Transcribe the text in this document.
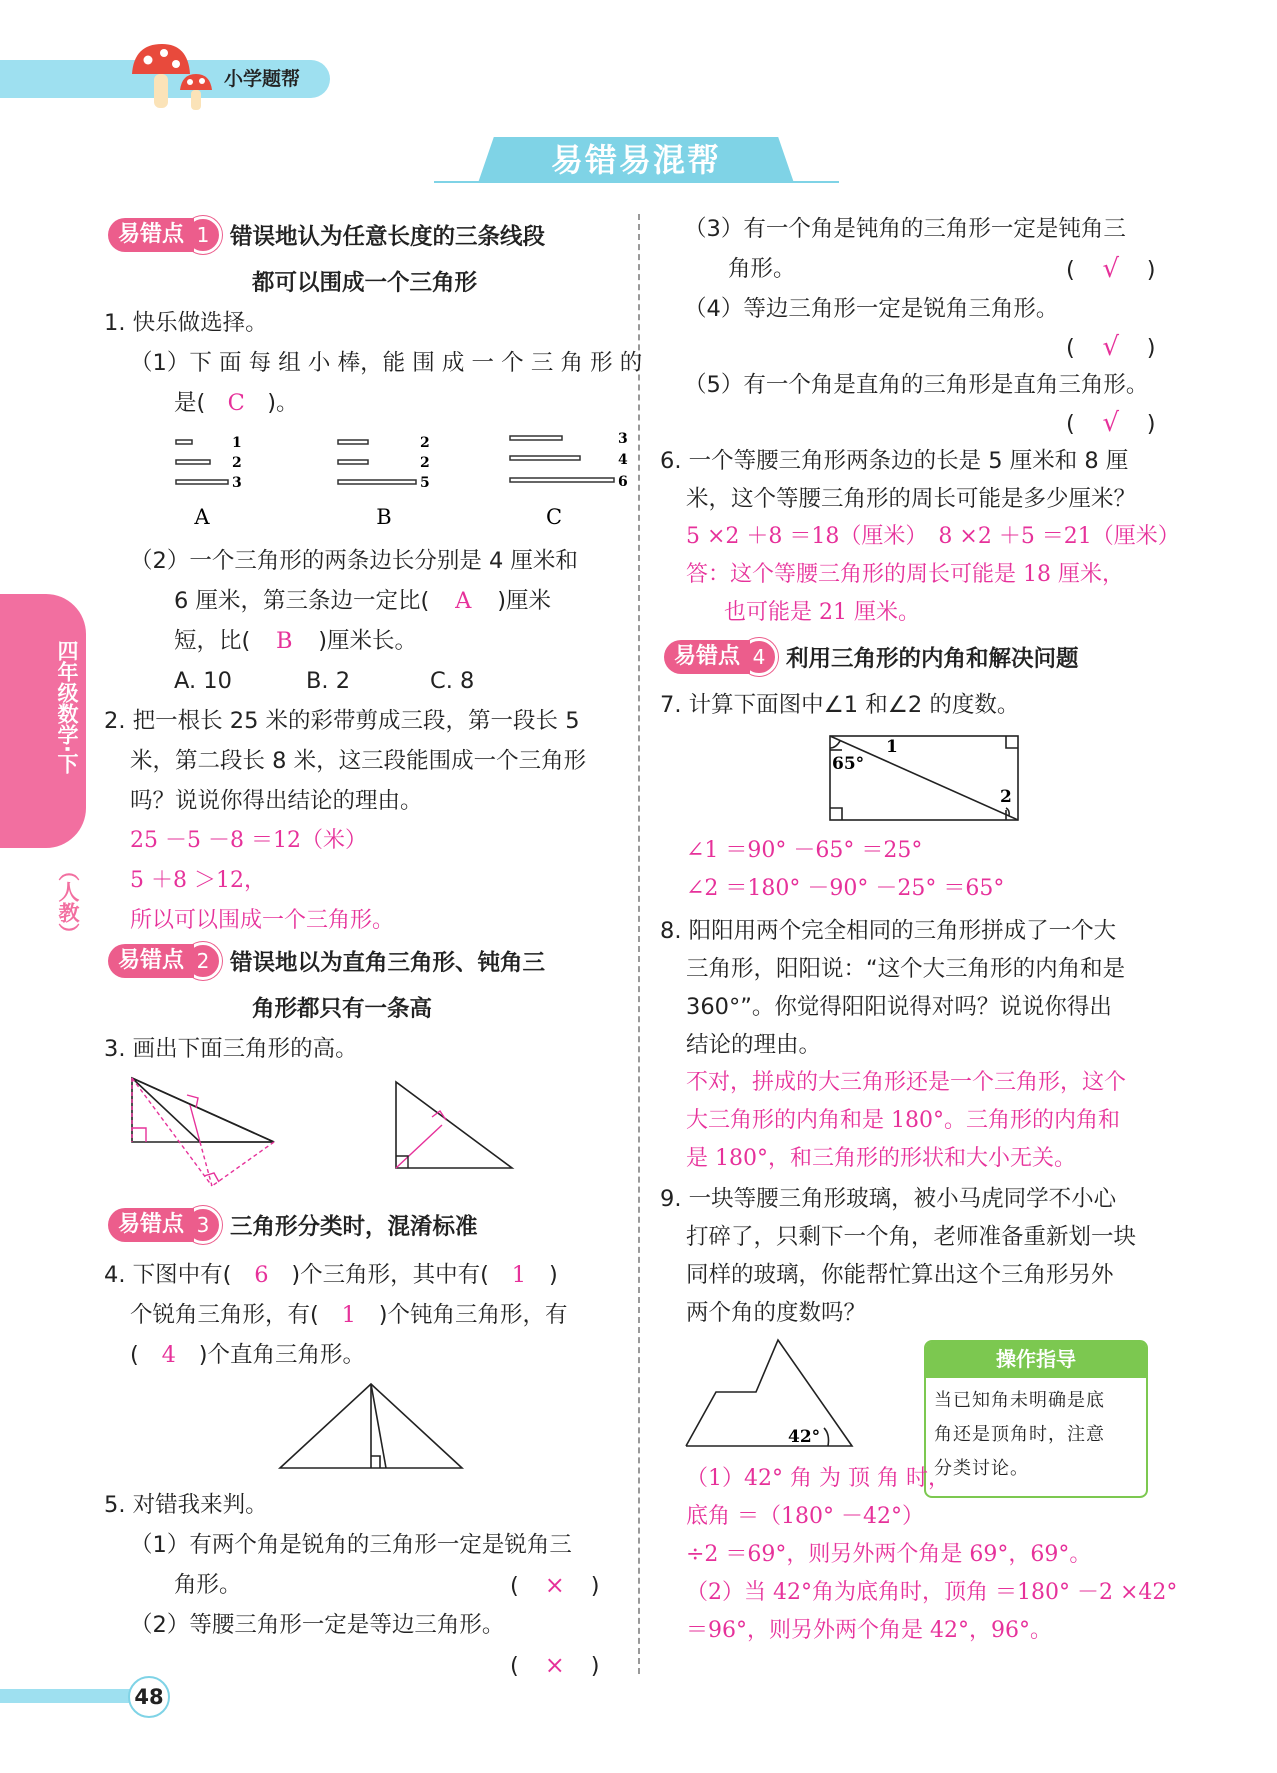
小学题帮
易错易混帮
四年级数学·下
（人教）
48
易错点 1 错误地认为任意长度的三条线段
都可以围成一个三角形
1. 快乐做选择。
（1）下 面 每 组 小 棒，能 围 成 一 个 三 角 形 的
是( C )。
1
2
3
2
2
5
3
4
6
A	B	C
（2）一个三角形的两条边长分别是 4 厘米和
6 厘米，第三条边一定比( A )厘米
短，比( B )厘米长。
A. 10	B. 2	C. 8
2. 把一根长 25 米的彩带剪成三段，第一段长 5
米，第二段长 8 米，这三段能围成一个三角形
吗？说说你得出结论的理由。
25 －5 －8 ＝12（米）
5 ＋8 ＞12，
所以可以围成一个三角形。
易错点 2 错误地以为直角三角形、钝角三
角形都只有一条高
3. 画出下面三角形的高。
易错点 3 三角形分类时，混淆标准
4. 下图中有( 6 )个三角形，其中有( 1 )
个锐角三角形，有( 1 )个钝角三角形，有
( 4 )个直角三角形。
5. 对错我来判。
（1）有两个角是锐角的三角形一定是锐角三
角形。	( × )
（2）等腰三角形一定是等边三角形。
( × )
（3）有一个角是钝角的三角形一定是钝角三
角形。	( √ )
（4）等边三角形一定是锐角三角形。
( √ )
（5）有一个角是直角的三角形是直角三角形。
( √ )
6. 一个等腰三角形两条边的长是 5 厘米和 8 厘
米，这个等腰三角形的周长可能是多少厘米？
5 ×2 ＋8 ＝18（厘米）　8 ×2 ＋5 ＝21（厘米）
答：这个等腰三角形的周长可能是 18 厘米，
也可能是 21 厘米。
易错点 4 利用三角形的内角和解决问题
7. 计算下面图中∠1 和∠2 的度数。
65°
1
2
∠1 ＝90° －65° ＝25°
∠2 ＝180° －90° －25° ＝65°
8. 阳阳用两个完全相同的三角形拼成了一个大
三角形，阳阳说：“这个大三角形的内角和是
360°”。你觉得阳阳说得对吗？说说你得出
结论的理由。
不对，拼成的大三角形还是一个三角形，这个
大三角形的内角和是 180°。三角形的内角和
是 180°，和三角形的形状和大小无关。
9. 一块等腰三角形玻璃，被小马虎同学不小心
打碎了，只剩下一个角，老师准备重新划一块
同样的玻璃，你能帮忙算出这个三角形另外
两个角的度数吗？
42°
操作指导
当已知角未明确是底
角还是顶角时，注意
分类讨论。
（1）42° 角 为 顶 角 时，
底角 ＝（180° －42°）
÷2 ＝69°，则另外两个角是 69°，69°。
（2）当 42°角为底角时，顶角 ＝180° －2 ×42°
＝96°，则另外两个角是 42°，96°。
